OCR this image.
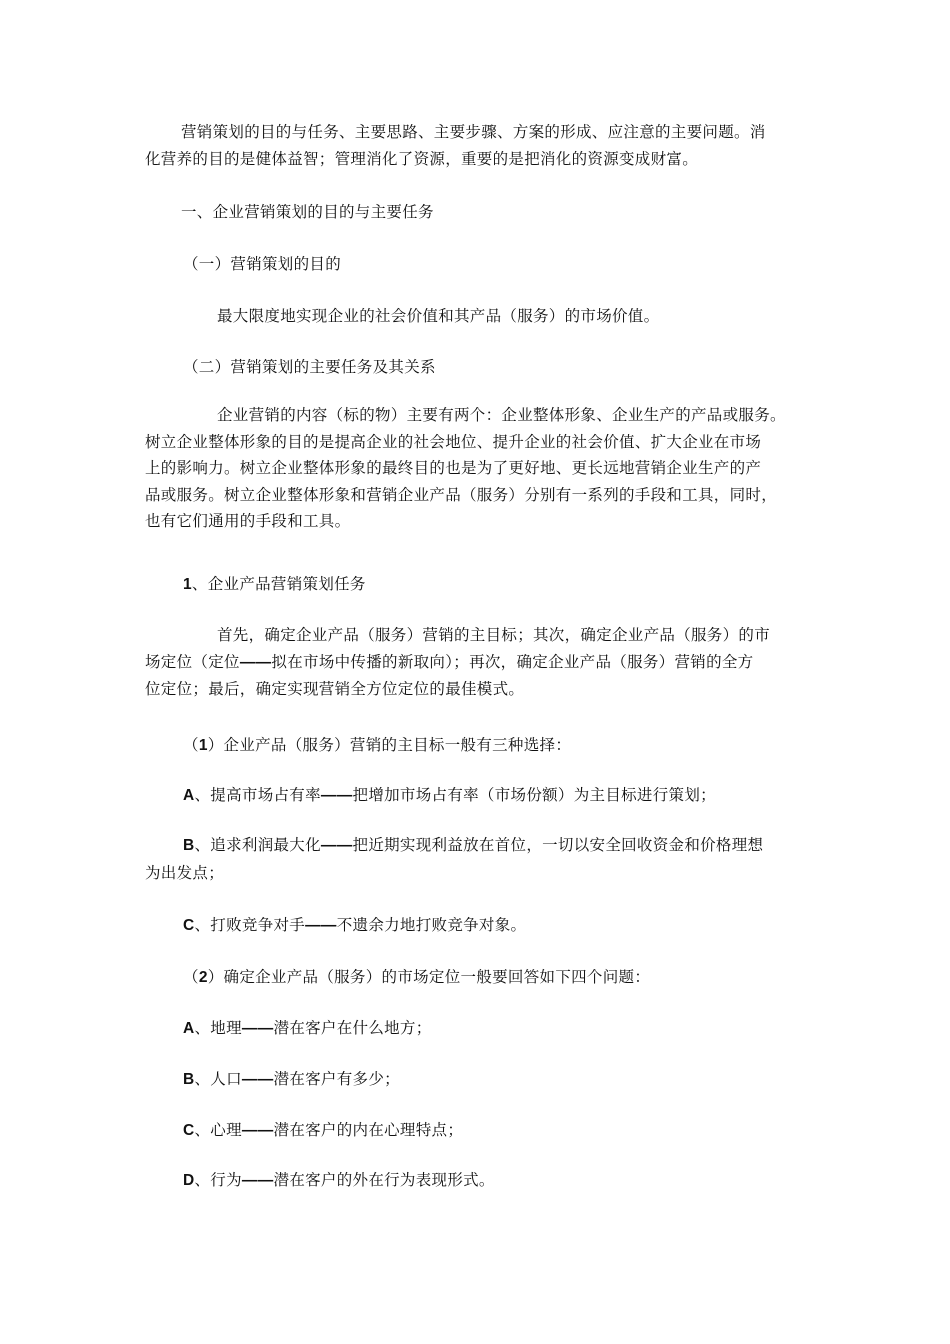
营销策划的目的与任务、主要思路、主要步骤、方案的形成、应注意的主要问题。消
化营养的目的是健体益智；管理消化了资源，重要的是把消化的资源变成财富。

一、企业营销策划的目的与主要任务

（一）营销策划的目的

最大限度地实现企业的社会价值和其产品（服务）的市场价值。

（二）营销策划的主要任务及其关系

企业营销的内容（标的物）主要有两个：企业整体形象、企业生产的产品或服务。
树立企业整体形象的目的是提高企业的社会地位、提升企业的社会价值、扩大企业在市场
上的影响力。树立企业整体形象的最终目的也是为了更好地、更长远地营销企业生产的产
品或服务。树立企业整体形象和营销企业产品（服务）分别有一系列的手段和工具，同时，
也有它们通用的手段和工具。

1、企业产品营销策划任务

首先，确定企业产品（服务）营销的主目标；其次，确定企业产品（服务）的市
场定位（定位——拟在市场中传播的新取向）；再次，确定企业产品（服务）营销的全方
位定位；最后，确定实现营销全方位定位的最佳模式。

（1）企业产品（服务）营销的主目标一般有三种选择：

A、提高市场占有率——把增加市场占有率（市场份额）为主目标进行策划；

B、追求利润最大化——把近期实现利益放在首位，一切以安全回收资金和价格理想
为出发点；

C、打败竞争对手——不遗余力地打败竞争对象。

（2）确定企业产品（服务）的市场定位一般要回答如下四个问题：

A、地理——潜在客户在什么地方；

B、人口——潜在客户有多少；

C、心理——潜在客户的内在心理特点；

D、行为——潜在客户的外在行为表现形式。
